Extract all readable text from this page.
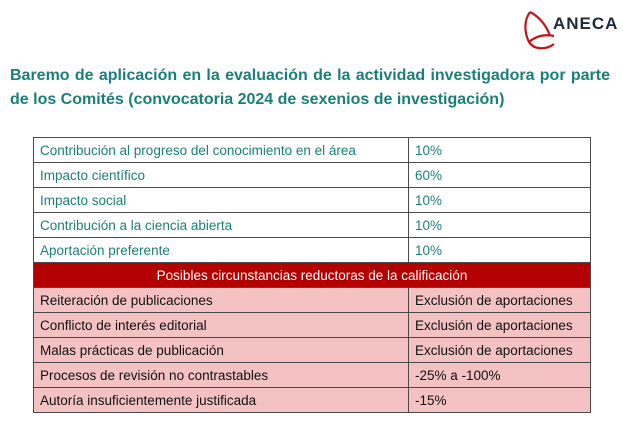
ANECA

Baremo de aplicación en la evaluación de la actividad investigadora por parte de los Comités (convocatoria 2024 de sexenios de investigación)

Contribución al progreso del conocimiento en el área	10%
Impacto científico	60%
Impacto social	10%
Contribución a la ciencia abierta	10%
Aportación preferente	10%
Posibles circunstancias reductoras de la calificación	
Reiteración de publicaciones	Exclusión de aportaciones
Conflicto de interés editorial	Exclusión de aportaciones
Malas prácticas de publicación	Exclusión de aportaciones
Procesos de revisión no contrastables	-25% a -100%
Autoría insuficientemente justificada	-15%
